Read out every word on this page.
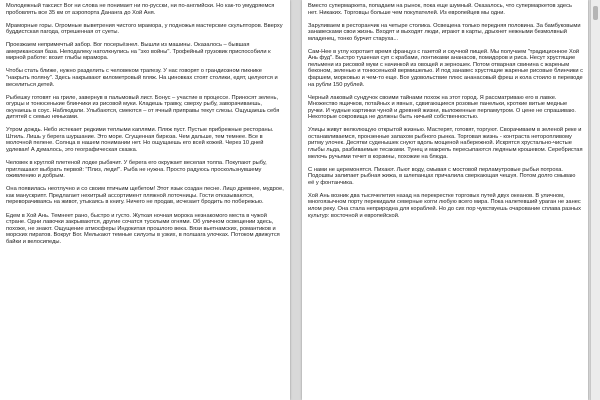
Молодежный таксист Вог ни слова не понимает ни по-русски, ни по-английски. Но как-то умудряемся пробовлять все 35 км от аэропорта Дананга до Хой Аня.

Мраморные горы. Огромные выветрения чистого мрамора, у подножья мастерские скульпторов. Вверху буддистская пагода, отрешенная от суеты.

Проезжаем непримечтый забор. Вог посерьёзнел. Вышли из машины. Оказалось – бывшая американская база. Неподалеку натолкнулись на "эхо войны". Трофейный грузовик приспособили к мирной работе: возит глыбы мрамора.

Чтобы стать ближе, нужно разделить с человеком трапезу. У нас говорят о грандиозном пикнике "накрыть поляну". Здесь накрывают километровый пляж. На циновках стоят столики, едят, целуются и веселиться детей.

Рыбешку готовят на гриле, завернув в пальмовый лист. Бонус – участие в процессе. Приносят зелень, огурцы и тонюсенькие блинчики из рисовой муки. Кладешь травку, сверху рыбу, заворачиваешь, окунаешь в соус. Наблюдали. Улыбаются, смеются – от ячный приправы текут слезы. Ощущаешь себя дитятей с семью няньками.

Утром дождь. Небо истекает редкими теплыми каплями. Пляж пуст. Пустые прибрежные рестораны. Штиль. Лишь у берега шуршание. Это море. Сгущенная бирюза. Чем дальше, тем темнее. Все в молочной пелене. Солнца в нашем понимании нет. Но ощущаешь его всей кожей. Через 10 дней удлевая! А думалось, это географическая сказка.

Человек в круглой плетеной лодке рыбачит. У берега его окружает веселая толпа. Покупают рыбу, приглашают выбрать первой: "Плиз, леди!". Рыба не нужна. Просто радуюсь проскользнувшему оживлению и добрым.

Она появилась неотлучно и со своим птичьим щебетом! Этот язык создан песне. Лицо древнее, мудрое, как манускрипт. Предлагает нехитрый ассортимент пляжной лоточницы. Гости отказываются, переворачиваясь на живот, утыкаясь в книгу. Ничего не продав, исчезает бродить по побережью.

Едем в Хой Ань. Темнеет рано, быстро и густо. Жуткая ночная морока незнакомого места в чужой стране. Одни лавочки закрываются, другие сочатся тусклыми огнями. Об уличном освещении здесь, похоже, не знают. Ощущение атмосферы Индокитая прошлого века. Вязи вьетнамских, романтиков и морских пиратов. Вокруг Вог. Мелькают темные силуэты в узких, в полшага улочках. Потоком движутся байки и велосипеды.

Вместо супермаркета, попадаем на рынок, пока еще шумный. Оказалось, что супермаркетов здесь нет. Никаких. Торговцы больше чем покупателей. Из европейцев мы одни.

Заруливаем в ресторанчик на четыре столика. Освещена только передняя половина. За бамбуковыми занавесками свои жизнь. Входят и выходят люди, играют в карты, дрыхнет нежными безмолвный младенец, тонко бурчит старуха...

Сам-Нее в углу коротает время француз с газетой и скучной пищей. Мы получаем "традиционное Хой Ань фуд". Быстро тушеная суп с крабами, лонтиками ананасов, помидоров и риса. Несут хрустящие пельмени из рисовой муки с начинкой из овощей и зерношек. Потом отварная свинина с жареным беконом, зеленью и тонюсенькой вермишелью. И под занавес хрустящие жареные рисовые блинчики с фаршем, морковью и чем-то еще. Все удовольствие плюс ананасовый фреш и кола стоило в переводе на рубли 150 рублей.

Черный лаковый сундучок своими тайнами похож на этот город. Я рассматриваю его в лавке. Множество ящичков, потайных и явных, сдвигающиеся розовые панельки, кроткие витые медные ручки. И чудные картинки чуной и древней жизни, выложенные перламутром. О цене не спрашиваю. Некоторые сокровища не должны быть ничьей собственностью.

Улицы живут велюлющую открытой жизнью. Мастерят, готовят, торгуют. Сворачиваем в зеленой реке и останавливаемся, пронзенные запахом рыбного рынка. Торговая жизнь - контраста неторопливому ритму улочек. Десятки суденышек снуют вдоль мощеной набережной. Искрятся хрустально-чистые глыбы льда, разбиваемые тесаками. Тунец и макрель пересыпаются ледяным крошевом. Серебристая мелочь ручьями течет в корзины, похожие на блюда.

С нами не церемонятся. Пихают. Льют воду, смывая с мостовой перламутровые рыбьи потроха. Подошвы залипает рыбная жижа, в шлепанцах причалила сверкающая чешуя. Потом долго смываю её у фонтанчика.

Хой Ань возник два тысячелетия назад на перекрестке торговых путей двух океанов. В уличном, многоязычном порту перекидали северные когги любую всего мира. Пока налетевший ураган не занес илом реку. Она стала неприродна для кораблей. Но до сих пор чувствуешь очарование сплава разных культур: восточной и европейской.
